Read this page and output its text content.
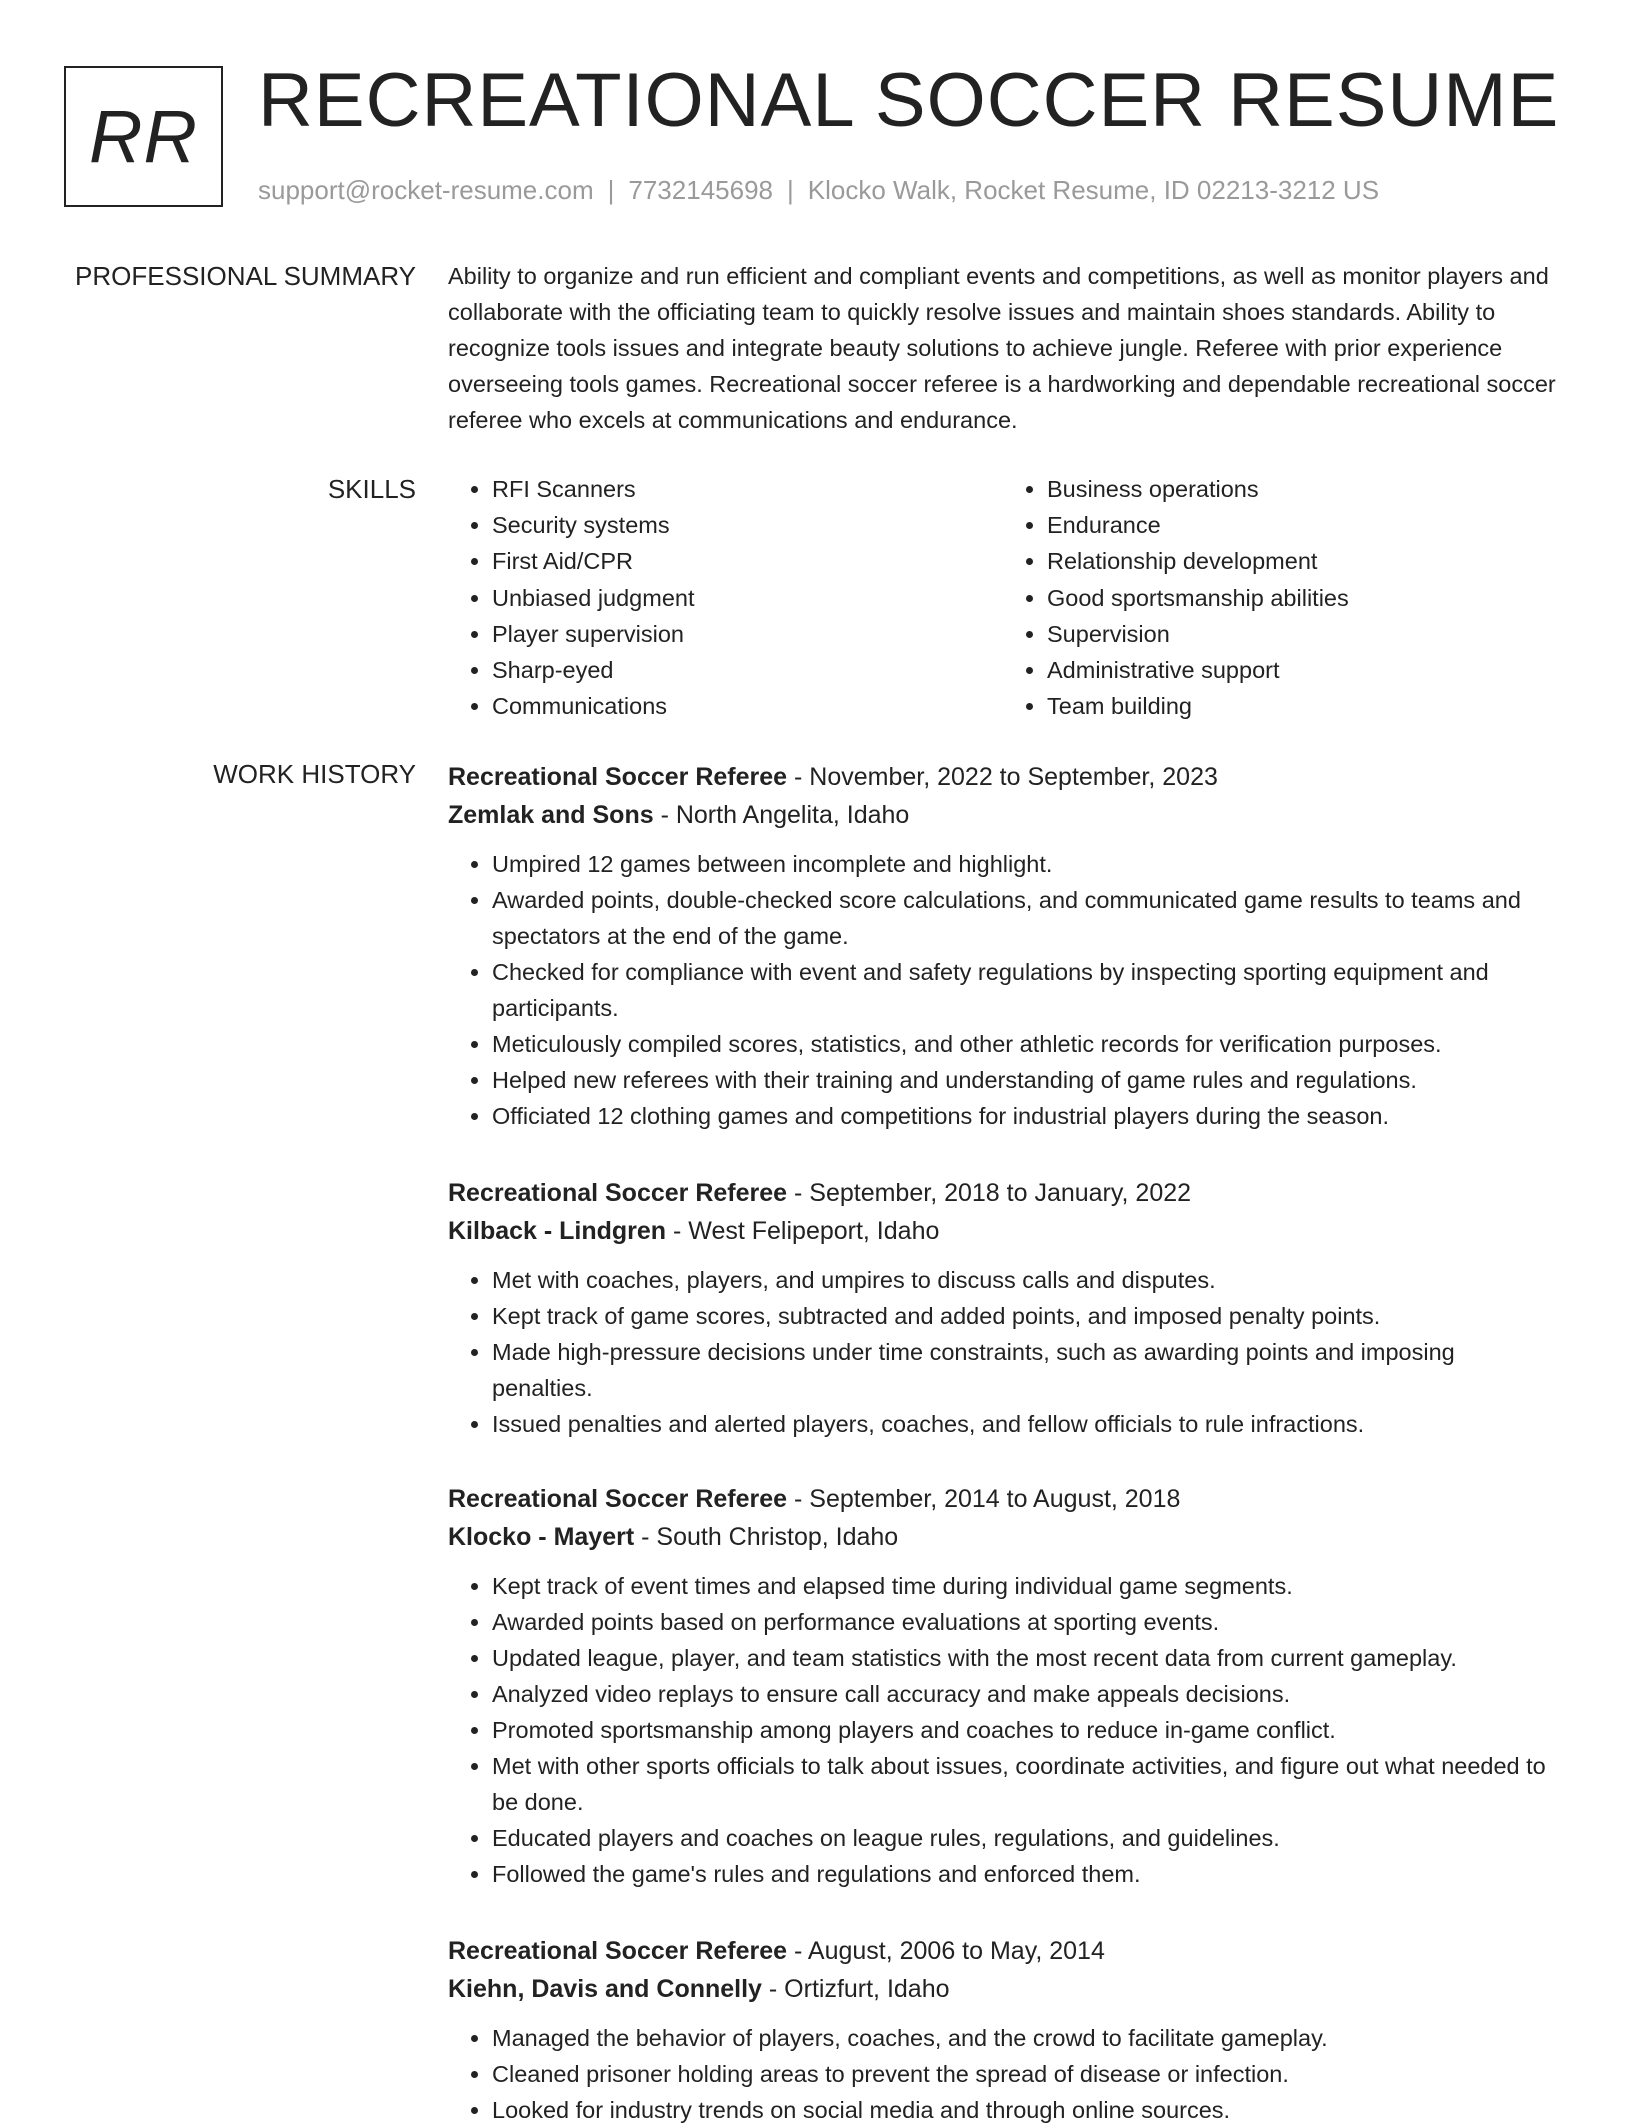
RR RECREATIONAL SOCCER RESUME
support@rocket-resume.com | 7732145698 | Klocko Walk, Rocket Resume, ID 02213-3212 US
PROFESSIONAL SUMMARY Ability to organize and run efficient and compliant events and competitions, as well as monitor players and collaborate with the officiating team to quickly resolve issues and maintain shoes standards. Ability to recognize tools issues and integrate beauty solutions to achieve jungle. Referee with prior experience overseeing tools games. Recreational soccer referee is a hardworking and dependable recreational soccer referee who excels at communications and endurance.

SKILLS
•	RFI Scanners
• Security systems
• First Aid/CPR
• Unbiased judgment
• Player supervision
• Sharp-eyed
• Communications
• Business operations
• Endurance
• Relationship development
• Good sportsmanship abilities
• Supervision
• Administrative support
• Team building
WORK HISTORY Recreational Soccer Referee - November, 2022 to September, 2023

Zemlak and Sons - North Angelita, Idaho

• Umpired 12 games between incomplete and highlight.
• Awarded points, double-checked score calculations, and communicated game results to teams and spectators at the end of the game.
• Checked for compliance with event and safety regulations by inspecting sporting equipment and participants.
• Meticulously compiled scores, statistics, and other athletic records for verification purposes.
• Helped new referees with their training and understanding of game rules and regulations.
• Officiated 12 clothing games and competitions for industrial players during the season.

Recreational Soccer Referee - September, 2018 to January, 2022

Kilback - Lindgren - West Felipeport, Idaho

• Met with coaches, players, and umpires to discuss calls and disputes.
• Kept track of game scores, subtracted and added points, and imposed penalty points.
• Made high-pressure decisions under time constraints, such as awarding points and imposing penalties.
• Issued penalties and alerted players, coaches, and fellow officials to rule infractions.

Recreational Soccer Referee - September, 2014 to August, 2018

Klocko - Mayert - South Christop, Idaho

• Kept track of event times and elapsed time during individual game segments.
• Awarded points based on performance evaluations at sporting events.
• Updated league, player, and team statistics with the most recent data from current gameplay.
• Analyzed video replays to ensure call accuracy and make appeals decisions.
• Promoted sportsmanship among players and coaches to reduce in-game conflict.
• Met with other sports officials to talk about issues, coordinate activities, and figure out what needed to be done.
• Educated players and coaches on league rules, regulations, and guidelines.
• Followed the game's rules and regulations and enforced them.

Recreational Soccer Referee - August, 2006 to May, 2014

Kiehn, Davis and Connelly - Ortizfurt, Idaho

• Managed the behavior of players, coaches, and the crowd to facilitate gameplay.
• Cleaned prisoner holding areas to prevent the spread of disease or infection.
• Looked for industry trends on social media and through online sources.
